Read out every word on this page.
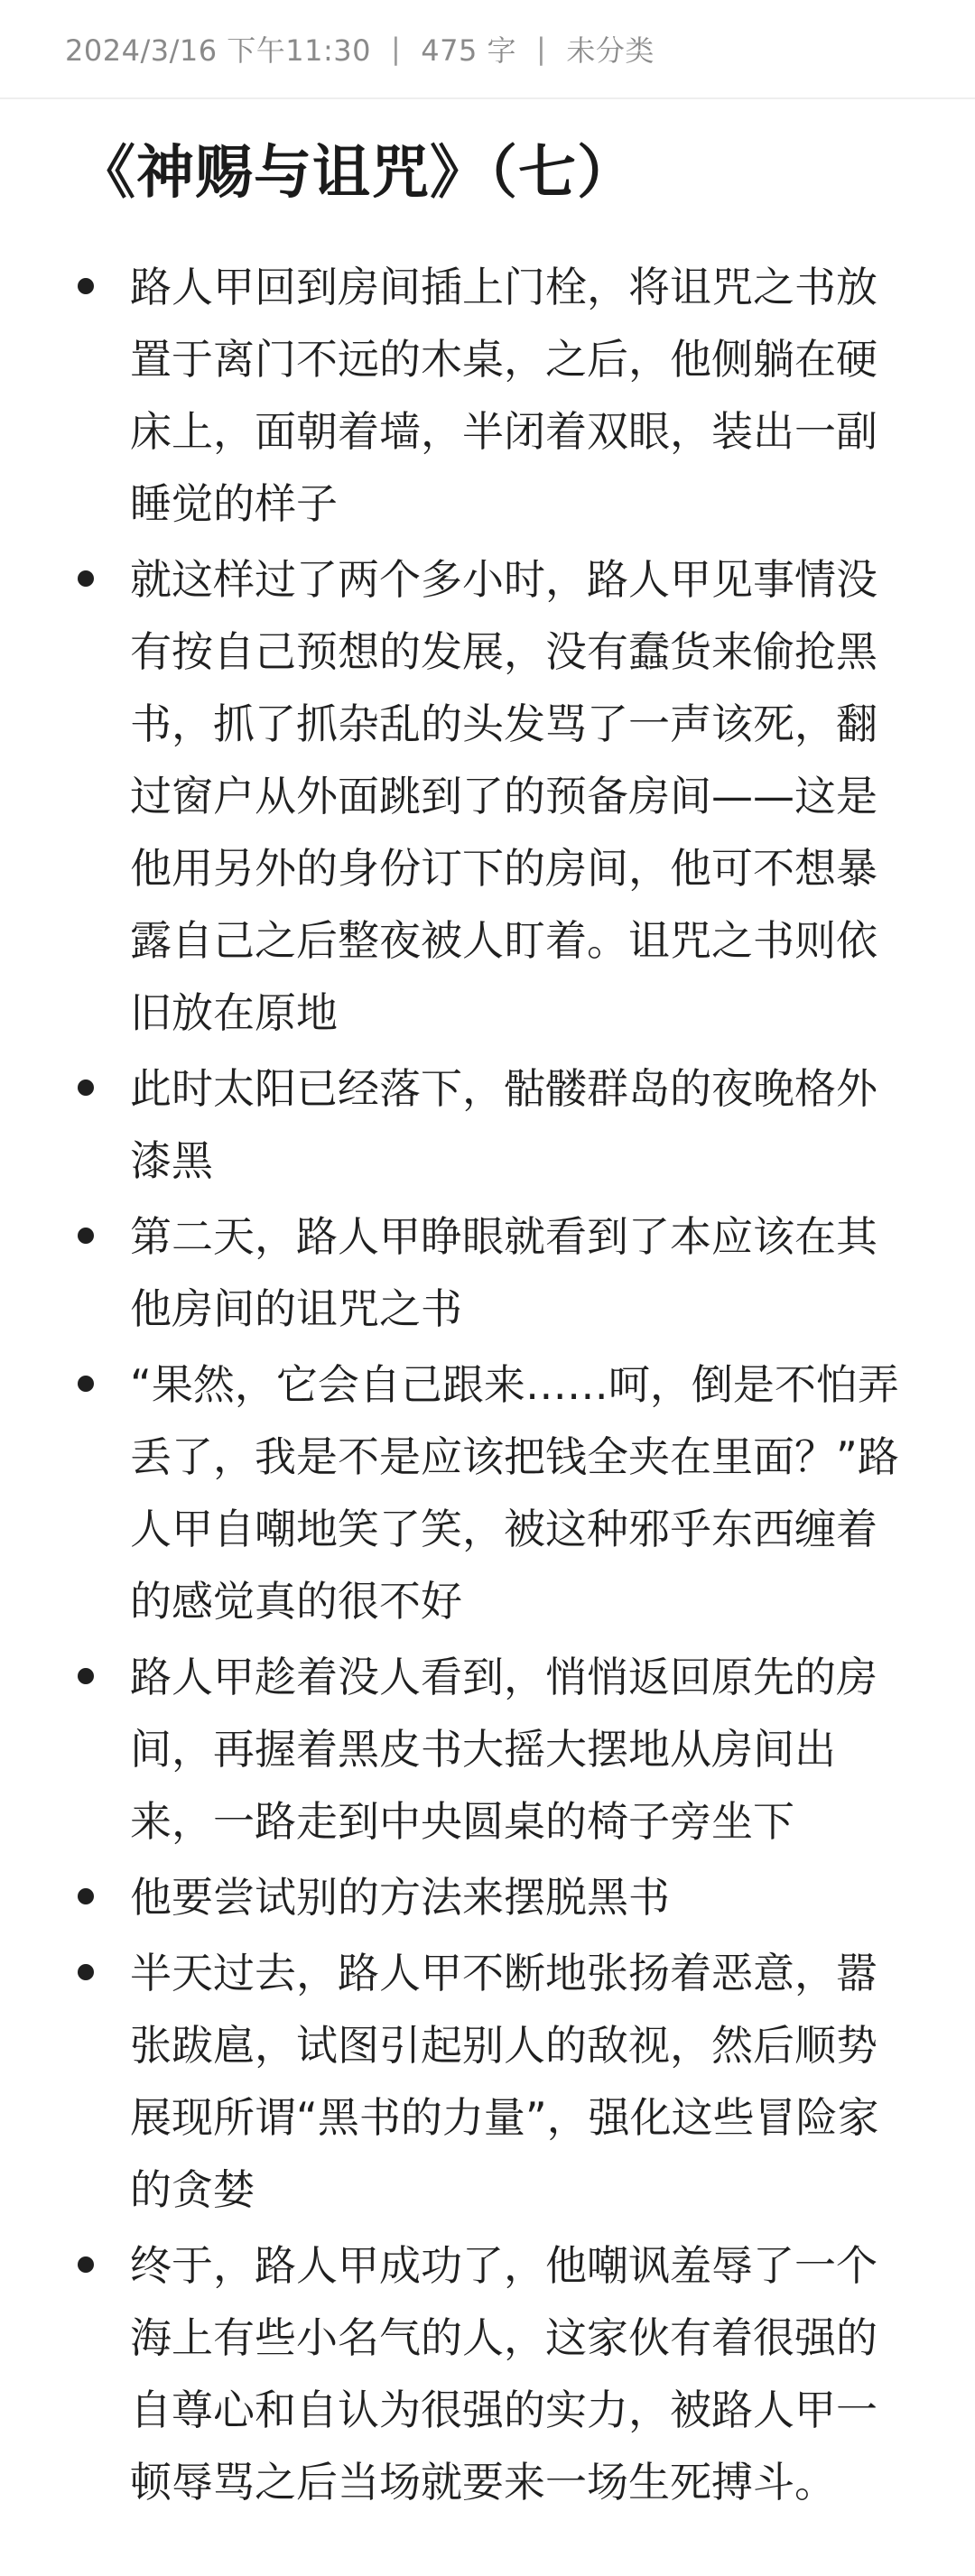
2024/3/16 下午11:30 | 475 字 | 未分类
《神赐与诅咒》（七）
路人甲回到房间插上门栓，将诅咒之书放置于离门不远的木桌，之后，他侧躺在硬床上，面朝着墙，半闭着双眼，装出一副睡觉的样子
就这样过了两个多小时，路人甲见事情没有按自己预想的发展，没有蠢货来偷抢黑书，抓了抓杂乱的头发骂了一声该死，翻过窗户从外面跳到了的预备房间——这是他用另外的身份订下的房间，他可不想暴露自己之后整夜被人盯着。诅咒之书则依旧放在原地
此时太阳已经落下，骷髅群岛的夜晚格外漆黑
第二天，路人甲睁眼就看到了本应该在其他房间的诅咒之书
“果然，它会自己跟来……呵，倒是不怕弄丢了，我是不是应该把钱全夹在里面？”路人甲自嘲地笑了笑，被这种邪乎东西缠着的感觉真的很不好
路人甲趁着没人看到，悄悄返回原先的房间，再握着黑皮书大摇大摆地从房间出来，一路走到中央圆桌的椅子旁坐下
他要尝试别的方法来摆脱黑书
半天过去，路人甲不断地张扬着恶意，嚣张跋扈，试图引起别人的敌视，然后顺势展现所谓“黑书的力量”，强化这些冒险家的贪婪
终于，路人甲成功了，他嘲讽羞辱了一个海上有些小名气的人，这家伙有着很强的自尊心和自认为很强的实力，被路人甲一顿辱骂之后当场就要来一场生死搏斗。
